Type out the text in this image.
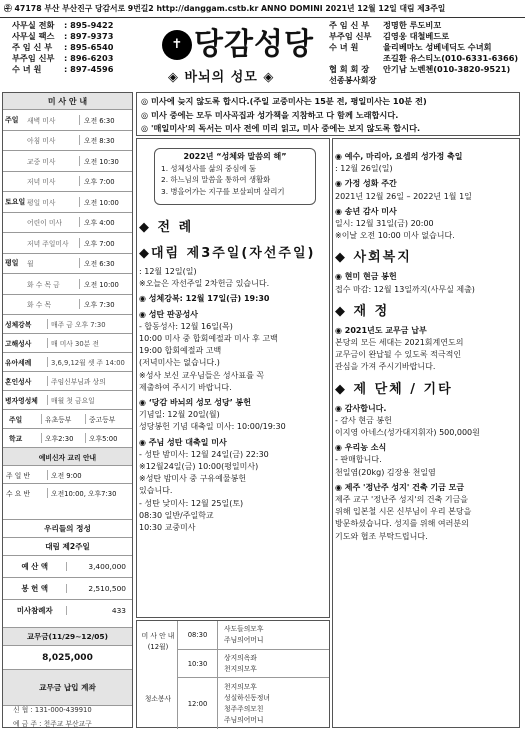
㉾ 47178 부산 부산진구 당감서로 9번길2 http://danggam.cstb.kr ANNO DOMINI 2021년 12월 12일 대림 제3주일
사무실 전화	: 895-9422
사무실 팩스	: 897-9373
주 임 신 부	: 895-6540
부주임 신부	: 896-6203
수 녀 원	: 897-4596
✝ 당감성당
◈ 바뇌의 성모 ◈
주 임 신 부	정명한 루도비꼬
부주임 신부	김영웅 대철베드로
수 녀 원	율리베마노 성베네딕도 수녀회
조길환 유스티노(010-6331-6366)
협 회 회 장	안기남 노벤첸(010-3820-9521)
선종봉사회장
미 사 안 내
주일	새벽 미사	오전 6:30
아침 미사	오전 8:30
교중 미사	오전 10:30
저녁 미사	오후 7:00
토요일 평일 미사	오전 10:00
어린이 미사	오후 4:00
저녁 주일미사	오후 7:00
평일	월	오전 6:30
화 수 목 금	오전 10:00
화 수 목	오후 7:30
성체강복	매주 금 오후 7:30
고해성사	매 미사 30분 전
유아세례	3,6,9,12월 셋 주 14:00
혼인성사	주임신부님과 상의
병자영성체	매월 첫 금요일
주일	유초등부	중고등부
학교	오후2:30	오후5:00
예비신자 교리 안내
주 일 반	오전 9:00
수 요 반	오전10:00, 오후7:30
우리들의 정성
대림 제2주일
예 산 액	3,400,000
봉 헌 액	2,510,500
미사참례자	433
교무금(11/29~12/05)
8,025,000
교무금 납입 계좌
신 협 : 131-000-439910
예 금 주 : 천주교 부산교구
◎ 미사에 늦지 않도록 합시다.(주일 교중미사는 15분 전, 평일미사는 10분 전)
◎ 미사 중에는 모두 미사곡집과 성가책을 지참하고 다 함께 노래합시다.
◎ '매일미사'의 독서는 미사 전에 미리 읽고, 미사 중에는 보지 않도록 합시다.
2022년 “성체와 말씀의 해”
1. 성체성사를 삶의 중심에 둠
2. 하느님의 말씀을 통하여 생활화
3. 병을어가는 지구를 보살피며 살리기
◆ 전 례
◆대림 제3주일(자선주일)
: 12월 12일(일)
※오늘은 자선주일 2차헌금 있습니다.
◉ 성체강복: 12월 17일(금) 19:30
◉ 성탄 판공성사
- 합동성사: 12월 16일(목)
10:00 미사 중 합회예절과 미사 후 고백
19:00 합회예절과 고백
(저녁미사는 없습니다.)
※성사 보신 교우님들은 성사표를 꼭
제출하여 주시기 바랍니다.
◉ ‘당감 바뇌의 성모 성당’ 봉헌
기념일: 12월 20일(월)
성당봉헌 기념 대축일 미사: 10:00/19:30
◉ 주님 성탄 대축일 미사
- 성탄 밤미사: 12월 24일(금) 22:30
※12월24일(금) 10:00(평일미사)
※성탄 밤미사 중 구유예물봉헌
있습니다.
- 성탄 낮미사: 12월 25일(토)
08:30 일반/주일학교
10:30 교중미사
◉ 예수, 마리아, 요셉의 성가정 축일
: 12월 26일(일)
◉ 가정 성화 주간
2021년 12월 26일 – 2022년 1월 1일
◉ 송년 감사 미사
일시: 12월 31일(금) 20:00
※이날 오전 10:00 미사 없습니다.
◆ 사회복지
◉ 현미 현금 봉헌
접수 마감: 12월 13일까지(사무실 제출)
◆ 재 정
◉ 2021년도 교무금 납부
본당의 모든 세대는 2021회계연도의
교무금이 완납될 수 있도록 적극적인
관심을 가져 주시기바랍니다.
◆ 제 단체 / 기타
◉ 감사합니다.
- 감사 현금 봉헌
이지영 아네스(성가대지휘자) 500,000원
◉ 우리농 소식
- 판매합니다.
천일염(20kg) 김장용 천일염
◉ 제주 '정난주 성지' 건축 기금 모금
제주 교구 '정난주 성지'의 건축 기금을
위해 입본철 시몬 신부님이 우리 본당을
방문하셨습니다. 성지를 위해 여러분의
기도와 협조 부탁드립니다.
미 사 안 내 (12월)
청소봉사
08:30
사도들의모후
주님의어머니
10:30
상지의옥좌
천지의모후
12:00
천지의모후
성실하신동정녀
청주주의모친
주님의어머니
